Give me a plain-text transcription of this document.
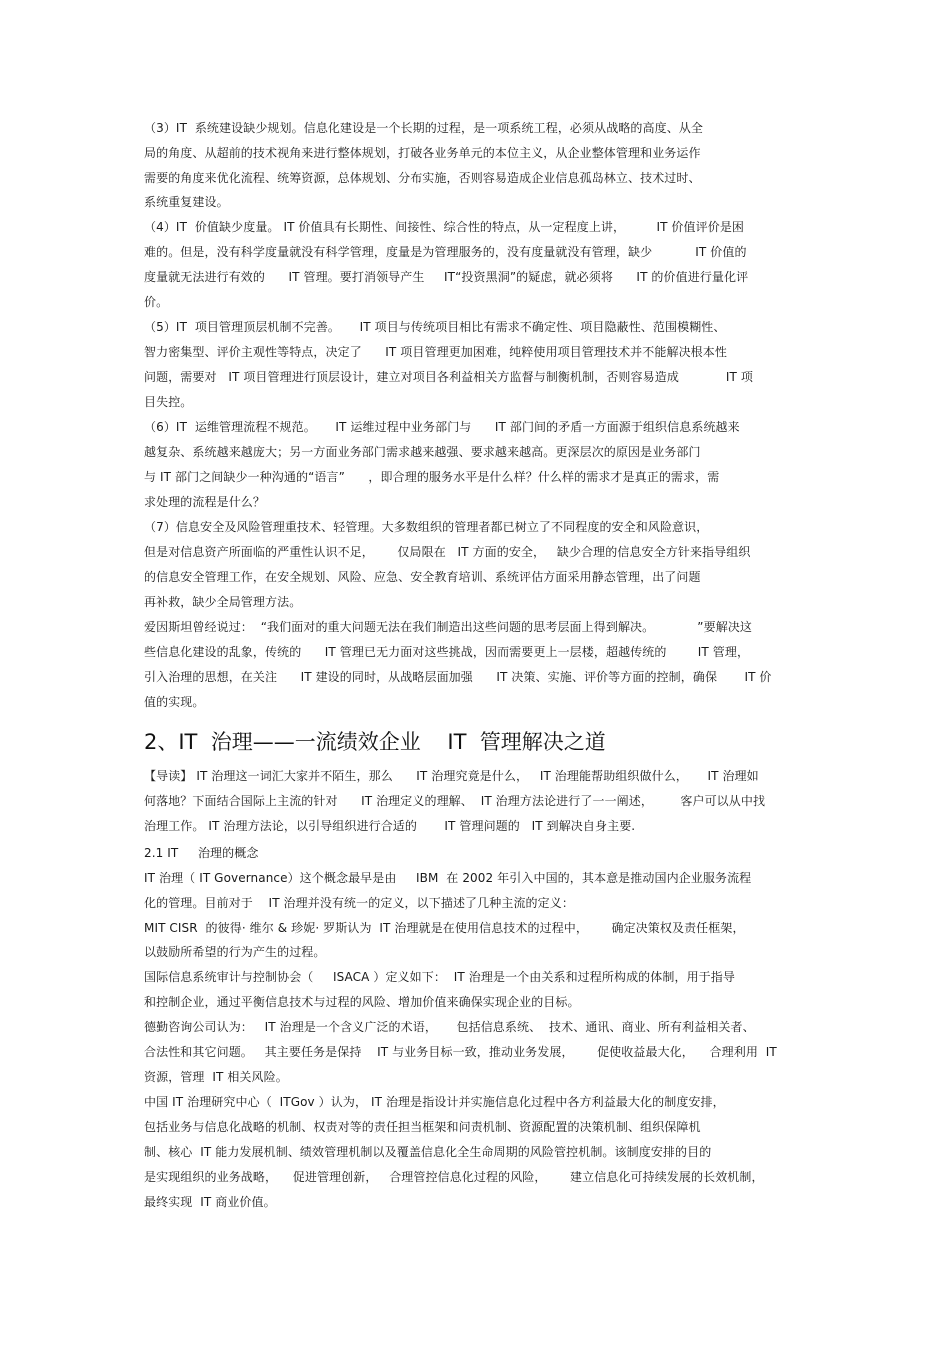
（3）IT  系统建设缺少规划。信息化建设是一个长期的过程，是一项系统工程，必须从战略的高度、从全
局的角度、从超前的技术视角来进行整体规划，打破各业务单元的本位主义，从企业整体管理和业务运作
需要的角度来优化流程、统筹资源，总体规划、分布实施，否则容易造成企业信息孤岛林立、技术过时、
系统重复建设。
（4）IT  价值缺少度量。 IT 价值具有长期性、间接性、综合性的特点，从一定程度上讲，        IT 价值评价是困
难的。但是，没有科学度量就没有科学管理，度量是为管理服务的，没有度量就没有管理，缺少           IT 价值的
度量就无法进行有效的      IT 管理。要打消领导产生     IT“投资黑洞”的疑虑，就必须将      IT 的价值进行量化评
价。
（5）IT  项目管理顶层机制不完善。     IT 项目与传统项目相比有需求不确定性、项目隐蔽性、范围模糊性、
智力密集型、评价主观性等特点，决定了      IT 项目管理更加困难，纯粹使用项目管理技术并不能解决根本性
问题，需要对   IT 项目管理进行顶层设计，建立对项目各利益相关方监督与制衡机制，否则容易造成            IT 项
目失控。
（6）IT  运维管理流程不规范。     IT 运维过程中业务部门与      IT 部门间的矛盾一方面源于组织信息系统越来
越复杂、系统越来越庞大；另一方面业务部门需求越来越强、要求越来越高。更深层次的原因是业务部门
与 IT 部门之间缺少一种沟通的“语言”      ，即合理的服务水平是什么样？什么样的需求才是真正的需求，需
求处理的流程是什么？
（7）信息安全及风险管理重技术、轻管理。大多数组织的管理者都已树立了不同程度的安全和风险意识，
但是对信息资产所面临的严重性认识不足，      仅局限在   IT 方面的安全，   缺少合理的信息安全方针来指导组织
的信息安全管理工作，在安全规划、风险、应急、安全教育培训、系统评估方面采用静态管理，出了问题
再补救，缺少全局管理方法。
爱因斯坦曾经说过：  “我们面对的重大问题无法在我们制造出这些问题的思考层面上得到解决。           ”要解决这
些信息化建设的乱象，传统的      IT 管理已无力面对这些挑战，因而需要更上一层楼，超越传统的        IT 管理，
引入治理的思想，在关注      IT 建设的同时，从战略层面加强      IT 决策、实施、评价等方面的控制，确保       IT 价
值的实现。
2、IT  治理——一流绩效企业    IT  管理解决之道
【导读】 IT 治理这一词汇大家并不陌生，那么      IT 治理究竟是什么，   IT 治理能帮助组织做什么，     IT 治理如
何落地？下面结合国际上主流的针对      IT 治理定义的理解、  IT 治理方法论进行了一一阐述，       客户可以从中找
治理工作。 IT 治理方法论，以引导组织进行合适的       IT 管理问题的   IT 到解决自身主要.
2.1 IT     治理的概念
IT 治理（ IT Governance）这个概念最早是由     IBM  在 2002 年引入中国的，其本意是推动国内企业服务流程
化的管理。目前对于    IT 治理并没有统一的定义，以下描述了几种主流的定义：
MIT CISR  的彼得· 维尔 & 珍妮· 罗斯认为  IT 治理就是在使用信息技术的过程中，      确定决策权及责任框架，
以鼓励所希望的行为产生的过程。
国际信息系统审计与控制协会（     ISACA ）定义如下：  IT 治理是一个由关系和过程所构成的体制，用于指导
和控制企业，通过平衡信息技术与过程的风险、增加价值来确保实现企业的目标。
德勤咨询公司认为：   IT 治理是一个含义广泛的术语，     包括信息系统、  技术、通讯、商业、所有利益相关者、
合法性和其它问题。   其主要任务是保持    IT 与业务目标一致，推动业务发展，      促使收益最大化，    合理利用  IT
资源，管理  IT 相关风险。
中国 IT 治理研究中心（  ITGov ）认为， IT 治理是指设计并实施信息化过程中各方利益最大化的制度安排，
包括业务与信息化战略的机制、权责对等的责任担当框架和问责机制、资源配置的决策机制、组织保障机
制、核心  IT 能力发展机制、绩效管理机制以及覆盖信息化全生命周期的风险管控机制。该制度安排的目的
是实现组织的业务战略，    促进管理创新，   合理管控信息化过程的风险，      建立信息化可持续发展的长效机制，
最终实现  IT 商业价值。
